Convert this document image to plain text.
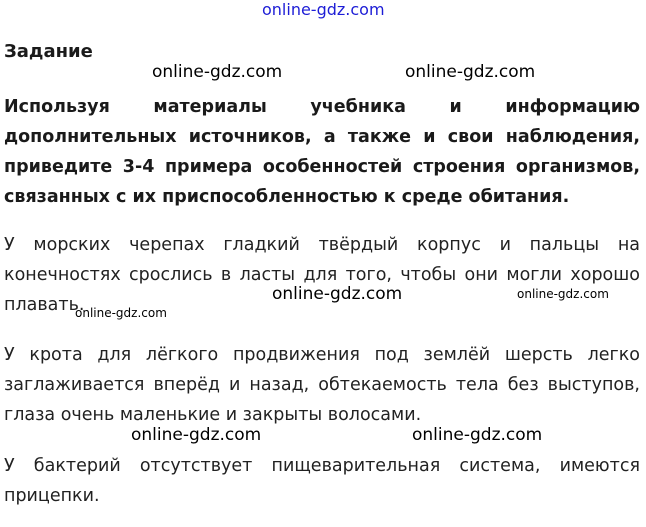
online-gdz.com
Задание

Используя материалы учебника и информацию дополнительных источников, а также и свои наблюдения, приведите 3-4 примера особенностей строения организмов, связанных с их приспособленностью к среде обитания.

У морских черепах гладкий твёрдый корпус и пальцы на конечностях срослись в ласты для того, чтобы они могли хорошо плавать.

У крота для лёгкого продвижения под землёй шерсть легко заглаживается вперёд и назад, обтекаемость тела без выступов, глаза очень маленькие и закрыты волосами.

У бактерий отсутствует пищеварительная система, имеются прицепки.

online-gdz.com	online-gdz.com
online-gdz.com	online-gdz.com
online-gdz.com
online-gdz.com	online-gdz.com
